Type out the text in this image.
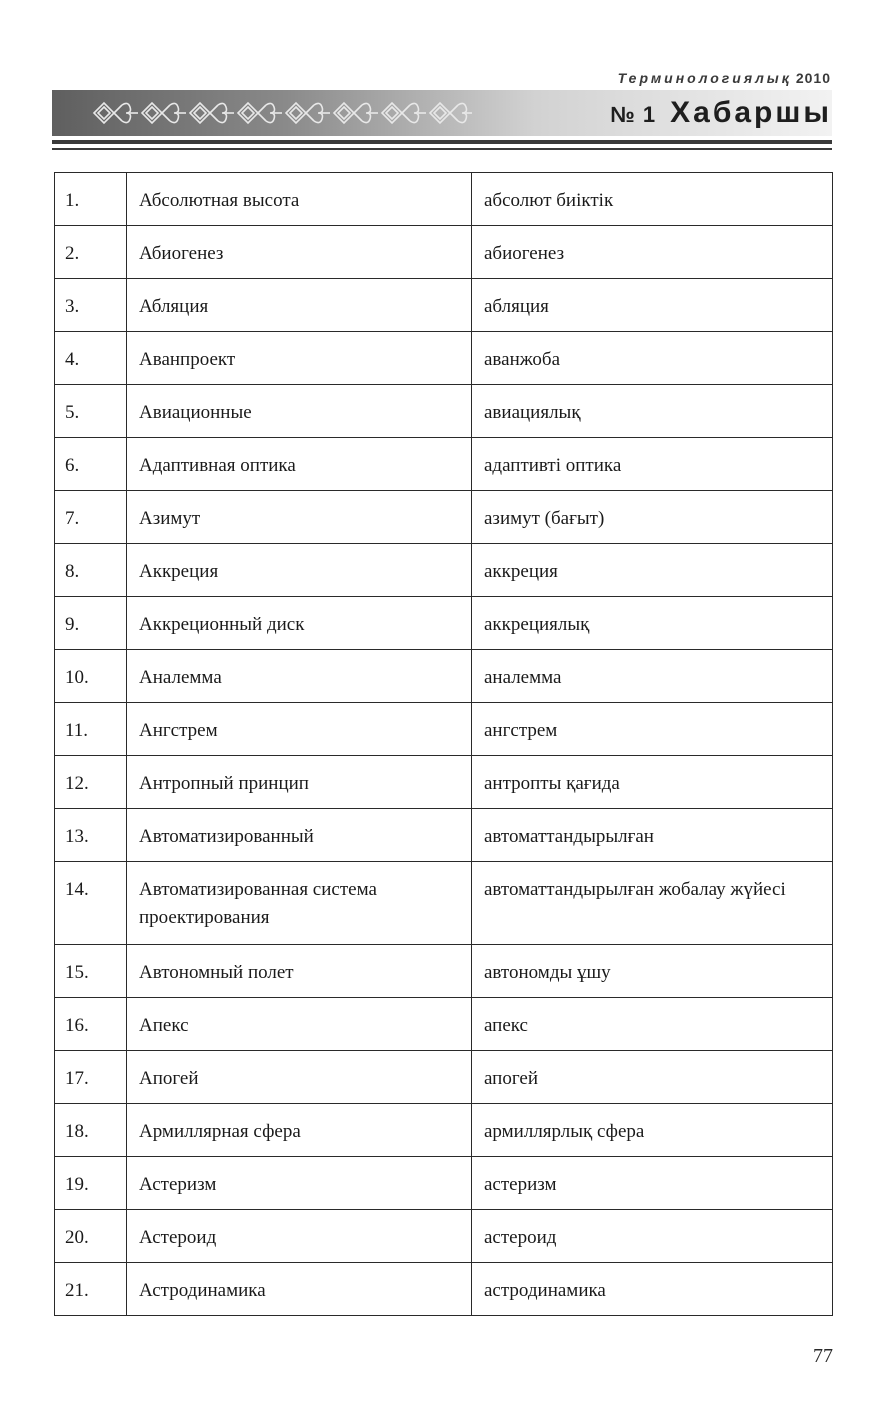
Терминологиялық 2010
№ 1 Хабаршы
1.	Абсолютная высота	абсолют биіктік
2.	Абиогенез	абиогенез
3.	Абляция	абляция
4.	Аванпроект	аванжоба
5.	Авиационные	авиациялық
6.	Адаптивная оптика	адаптивті оптика
7.	Азимут	азимут (бағыт)
8.	Аккреция	аккреция
9.	Аккреционный диск	аккрециялық
10.	Аналемма	аналемма
11.	Ангстрем	ангстрем
12.	Антропный принцип	антропты қағида
13.	Автоматизированный	автоматтандырылған
14.	Автоматизированная система проектирования	автоматтандырылған жобалау жүйесі
15.	Автономный полет	автономды ұшу
16.	Апекс	апекс
17.	Апогей	апогей
18.	Армиллярная сфера	армиллярлық сфера
19.	Астеризм	астеризм
20.	Астероид	астероид
21.	Астродинамика	астродинамика
77
